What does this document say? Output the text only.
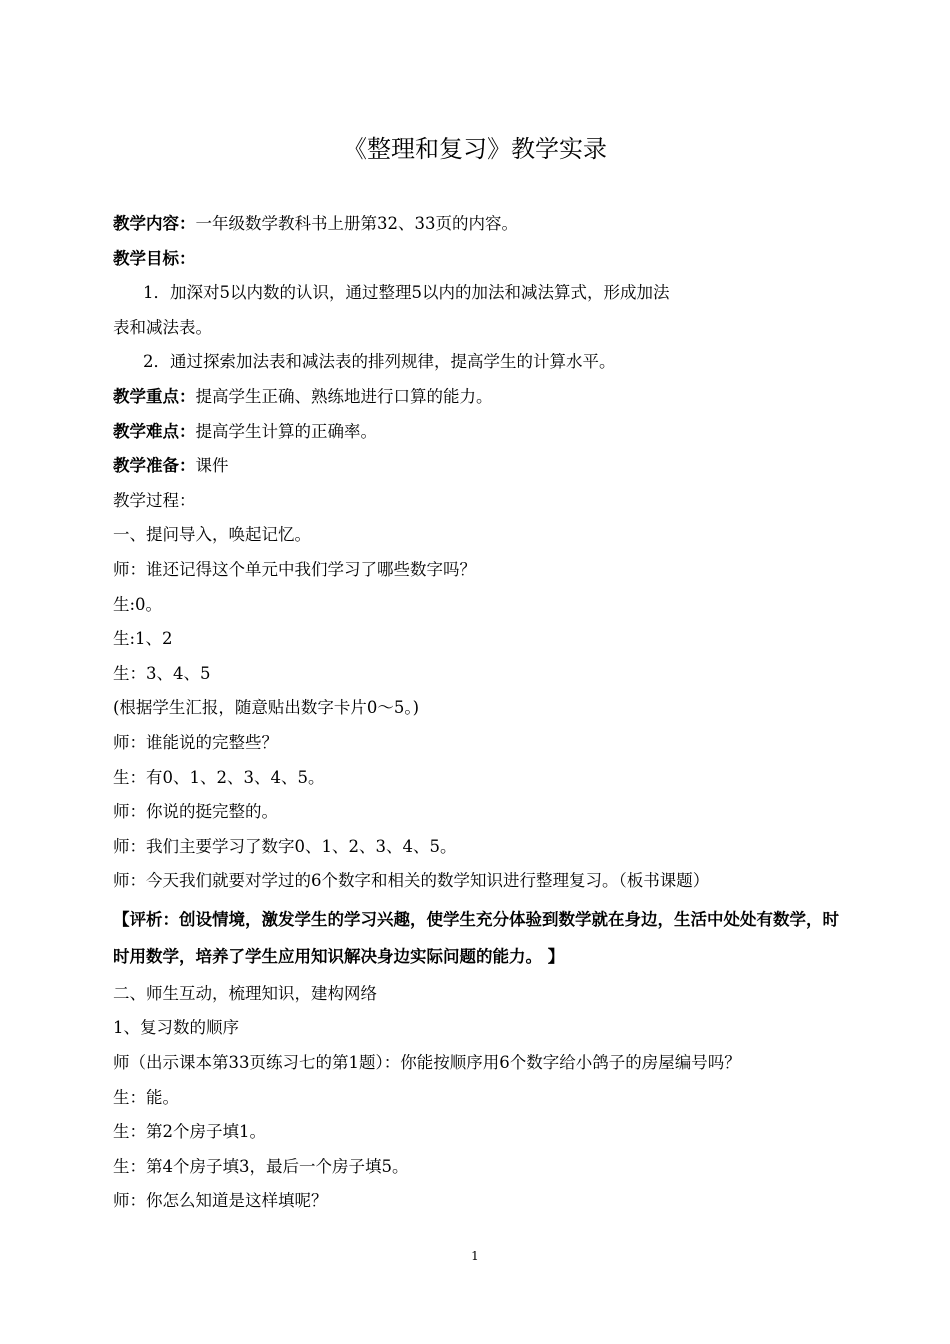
《整理和复习》教学实录
教学内容：一年级数学教科书上册第32、33页的内容。
教学目标：
1．加深对5以内数的认识，通过整理5以内的加法和减法算式，形成加法
表和减法表。
2．通过探索加法表和减法表的排列规律，提高学生的计算水平。
教学重点：提高学生正确、熟练地进行口算的能力。
教学难点：提高学生计算的正确率。
教学准备：课件
教学过程：
一、提问导入，唤起记忆。
师：谁还记得这个单元中我们学习了哪些数字吗？
生:0。
生:1、2
生：3、4、5
(根据学生汇报，随意贴出数字卡片0～5。)
师：谁能说的完整些？
生：有0、1、2、3、4、5。
师：你说的挺完整的。
师：我们主要学习了数字0、1、2、3、4、5。
师：今天我们就要对学过的6个数字和相关的数学知识进行整理复习。（板书课题）
【评析：创设情境，激发学生的学习兴趣，使学生充分体验到数学就在身边，生活中处处有数学，时时用数学，培养了学生应用知识解决身边实际问题的能力。 】
二、师生互动，梳理知识，建构网络
1、复习数的顺序
师（出示课本第33页练习七的第1题）：你能按顺序用6个数字给小鸽子的房屋编号吗？
生：能。
生：第2个房子填1。
生：第4个房子填3，最后一个房子填5。
师：你怎么知道是这样填呢？
1
